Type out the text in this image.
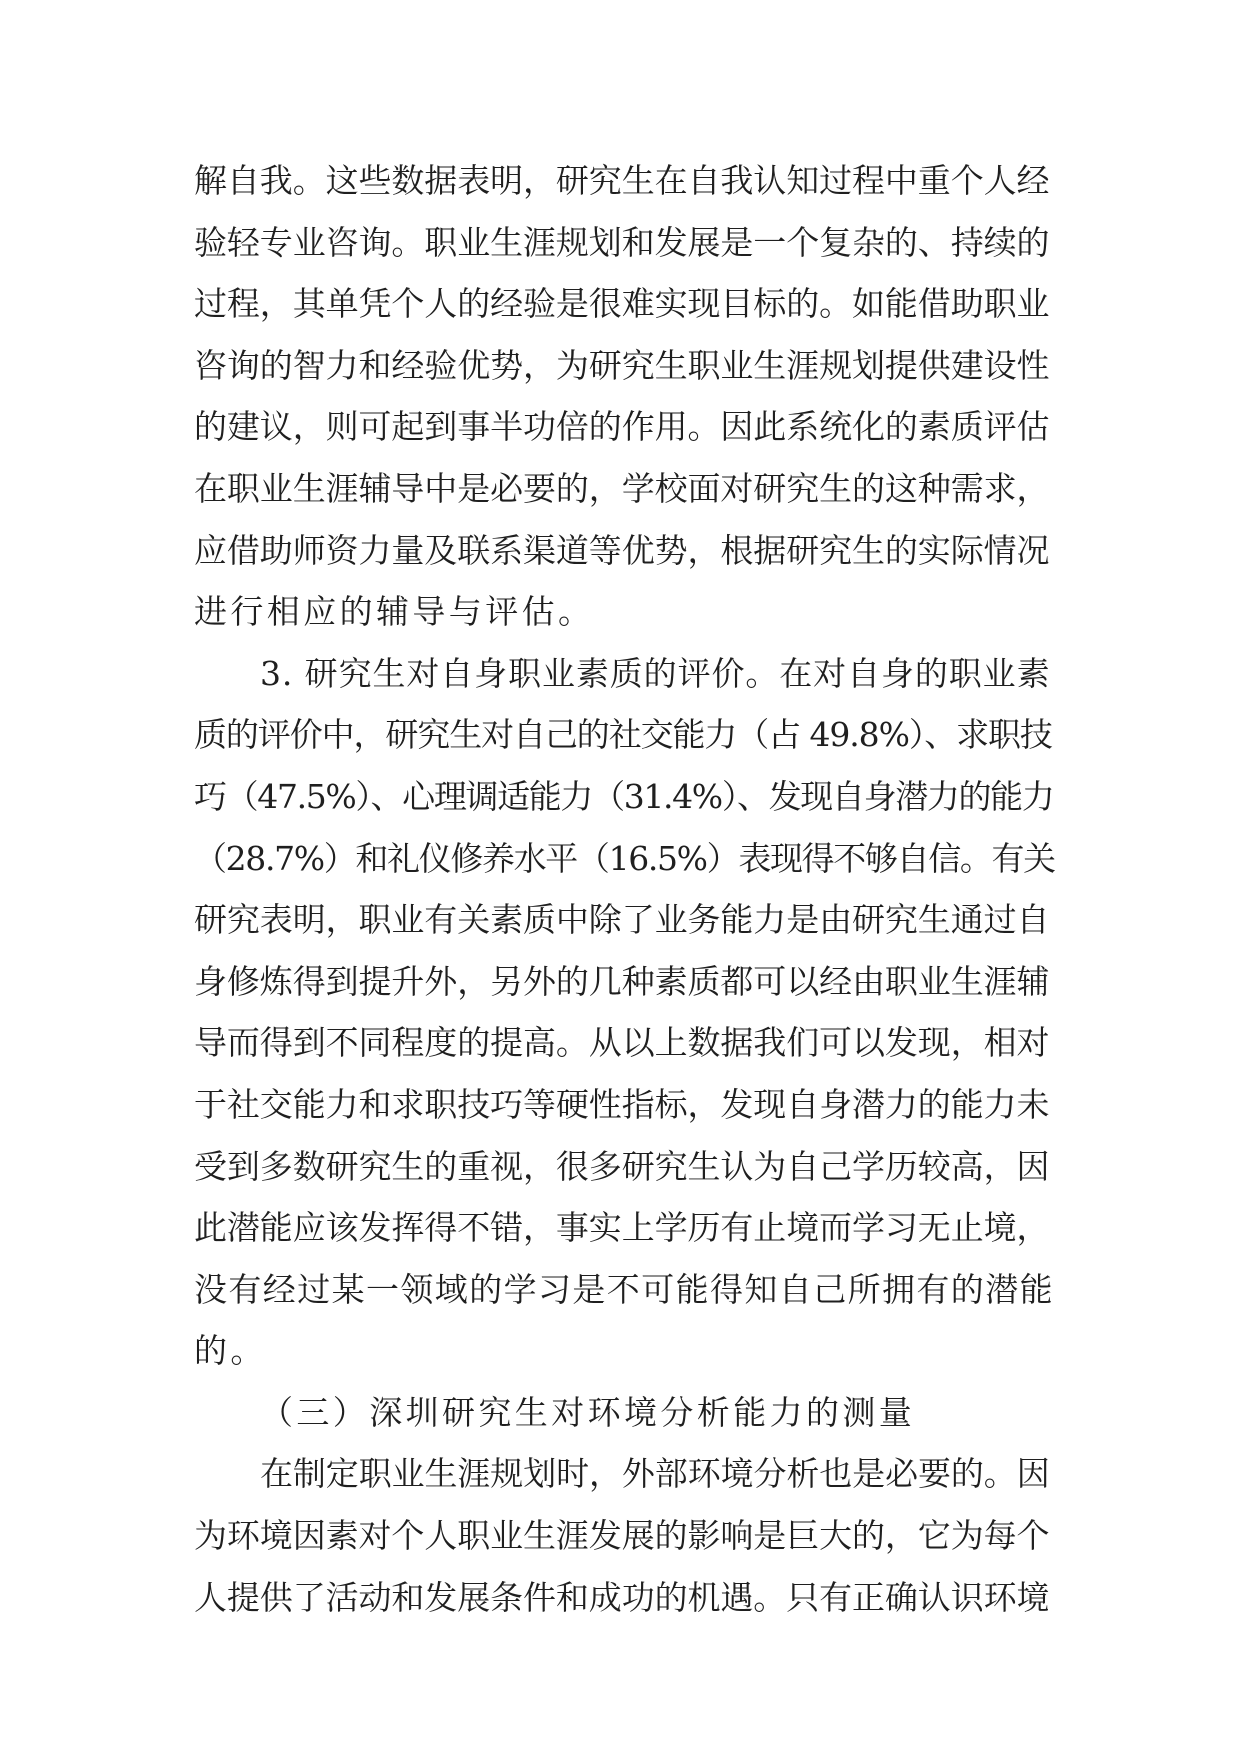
解自我。这些数据表明，研究生在自我认知过程中重个人经
验轻专业咨询。职业生涯规划和发展是一个复杂的、持续的
过程，其单凭个人的经验是很难实现目标的。如能借助职业
咨询的智力和经验优势，为研究生职业生涯规划提供建设性
的建议，则可起到事半功倍的作用。因此系统化的素质评估
在职业生涯辅导中是必要的，学校面对研究生的这种需求，
应借助师资力量及联系渠道等优势，根据研究生的实际情况
进行相应的辅导与评估。
3. 研究生对自身职业素质的评价。在对自身的职业素
质的评价中，研究生对自己的社交能力（占 49.8%）、求职技
巧（47.5%）、心理调适能力（31.4%）、发现自身潜力的能力
（28.7%）和礼仪修养水平（16.5%）表现得不够自信。有关
研究表明，职业有关素质中除了业务能力是由研究生通过自
身修炼得到提升外，另外的几种素质都可以经由职业生涯辅
导而得到不同程度的提高。从以上数据我们可以发现，相对
于社交能力和求职技巧等硬性指标，发现自身潜力的能力未
受到多数研究生的重视，很多研究生认为自己学历较高，因
此潜能应该发挥得不错，事实上学历有止境而学习无止境，
没有经过某一领域的学习是不可能得知自己所拥有的潜能
的。
（三）深圳研究生对环境分析能力的测量
在制定职业生涯规划时，外部环境分析也是必要的。因
为环境因素对个人职业生涯发展的影响是巨大的，它为每个
人提供了活动和发展条件和成功的机遇。只有正确认识环境
